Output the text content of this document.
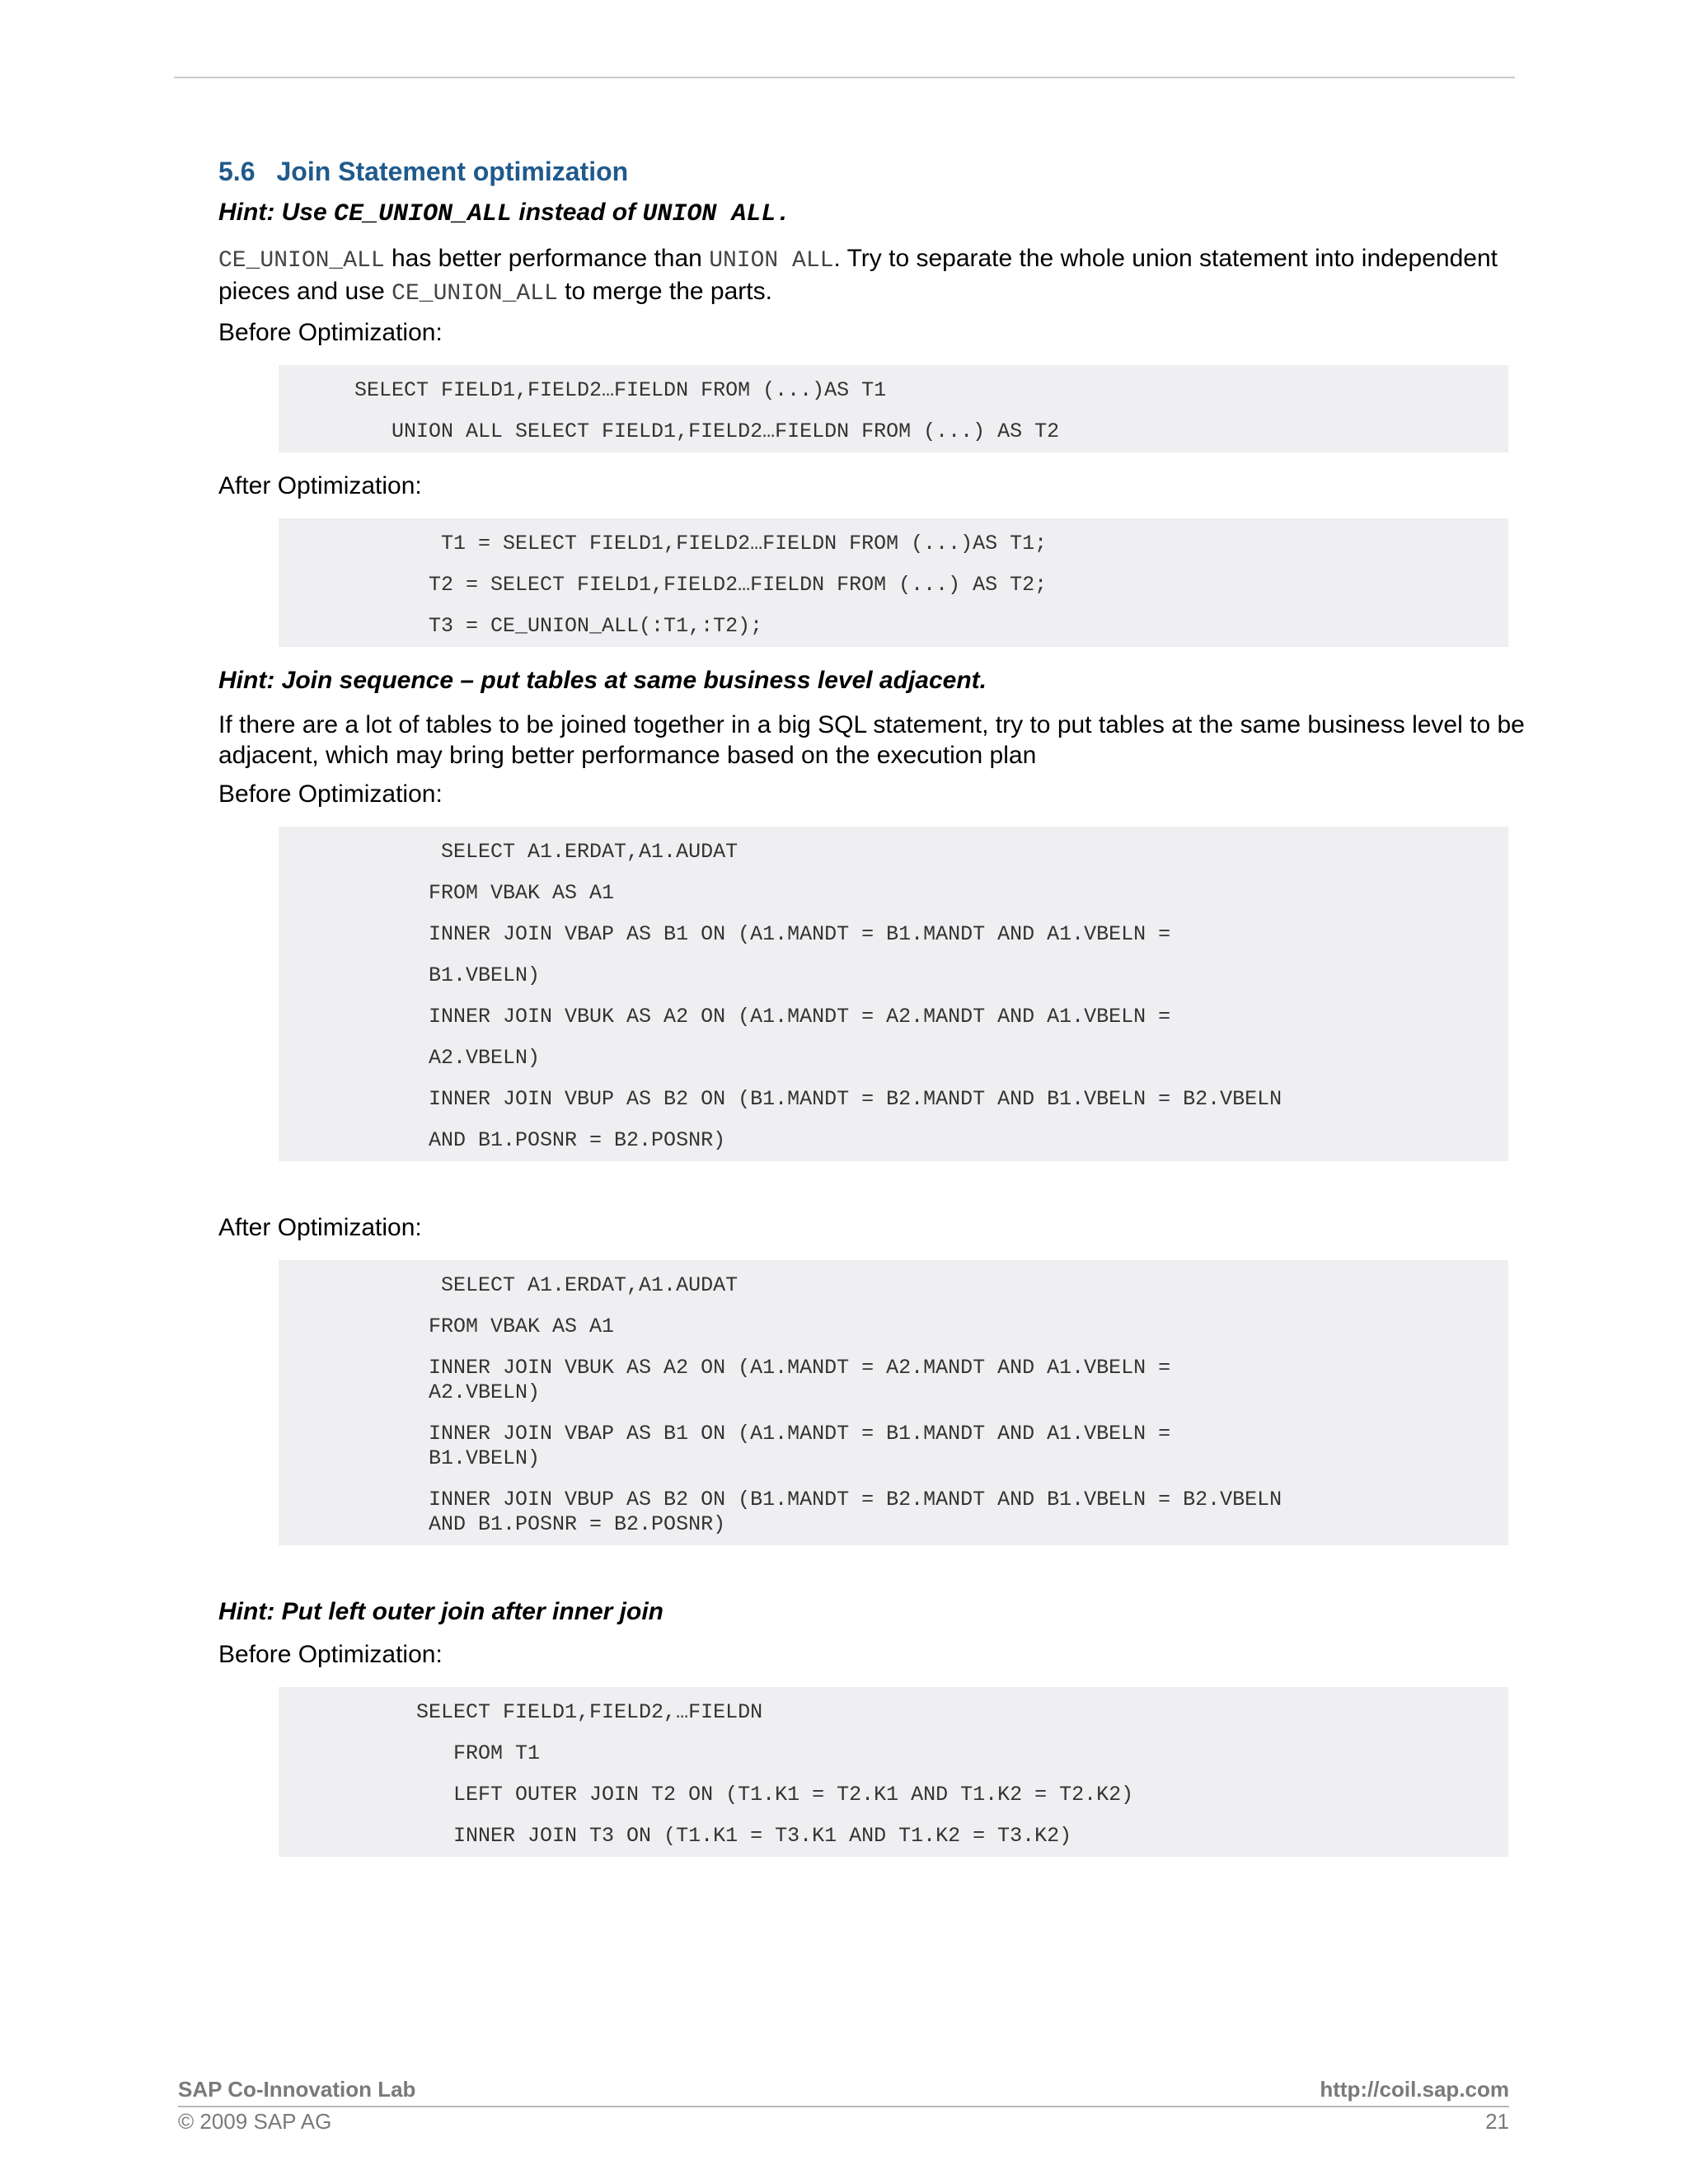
5.6 Join Statement optimization
Hint: Use CE_UNION_ALL instead of UNION ALL.

CE_UNION_ALL has better performance than UNION ALL. Try to separate the whole union statement into independent pieces and use CE_UNION_ALL to merge the parts.

Before Optimization:
SELECT FIELD1,FIELD2…FIELDN FROM (...)AS T1
UNION ALL SELECT FIELD1,FIELD2…FIELDN FROM (...) AS T2
After Optimization:
T1 = SELECT FIELD1,FIELD2…FIELDN FROM (...)AS T1;
T2 = SELECT FIELD1,FIELD2…FIELDN FROM (...) AS T2;
T3 = CE_UNION_ALL(:T1,:T2);
Hint: Join sequence – put tables at same business level adjacent.

If there are a lot of tables to be joined together in a big SQL statement, try to put tables at the same business level to be adjacent, which may bring better performance based on the execution plan

Before Optimization:
SELECT A1.ERDAT,A1.AUDAT
FROM VBAK AS A1
INNER JOIN VBAP AS B1 ON (A1.MANDT = B1.MANDT AND A1.VBELN =
B1.VBELN)
INNER JOIN VBUK AS A2 ON (A1.MANDT = A2.MANDT AND A1.VBELN =
A2.VBELN)
INNER JOIN VBUP AS B2 ON (B1.MANDT = B2.MANDT AND B1.VBELN = B2.VBELN
AND B1.POSNR = B2.POSNR)
After Optimization:
SELECT A1.ERDAT,A1.AUDAT
FROM VBAK AS A1
INNER JOIN VBUK AS A2 ON (A1.MANDT = A2.MANDT AND A1.VBELN =
A2.VBELN)
INNER JOIN VBAP AS B1 ON (A1.MANDT = B1.MANDT AND A1.VBELN =
B1.VBELN)
INNER JOIN VBUP AS B2 ON (B1.MANDT = B2.MANDT AND B1.VBELN = B2.VBELN
AND B1.POSNR = B2.POSNR)
Hint: Put left outer join after inner join
Before Optimization:
SELECT FIELD1,FIELD2,…FIELDN
FROM T1
LEFT OUTER JOIN T2 ON (T1.K1 = T2.K1 AND T1.K2 = T2.K2)
INNER JOIN T3 ON (T1.K1 = T3.K1 AND T1.K2 = T3.K2)
SAP Co-Innovation Lab	http://coil.sap.com
© 2009 SAP AG	21
